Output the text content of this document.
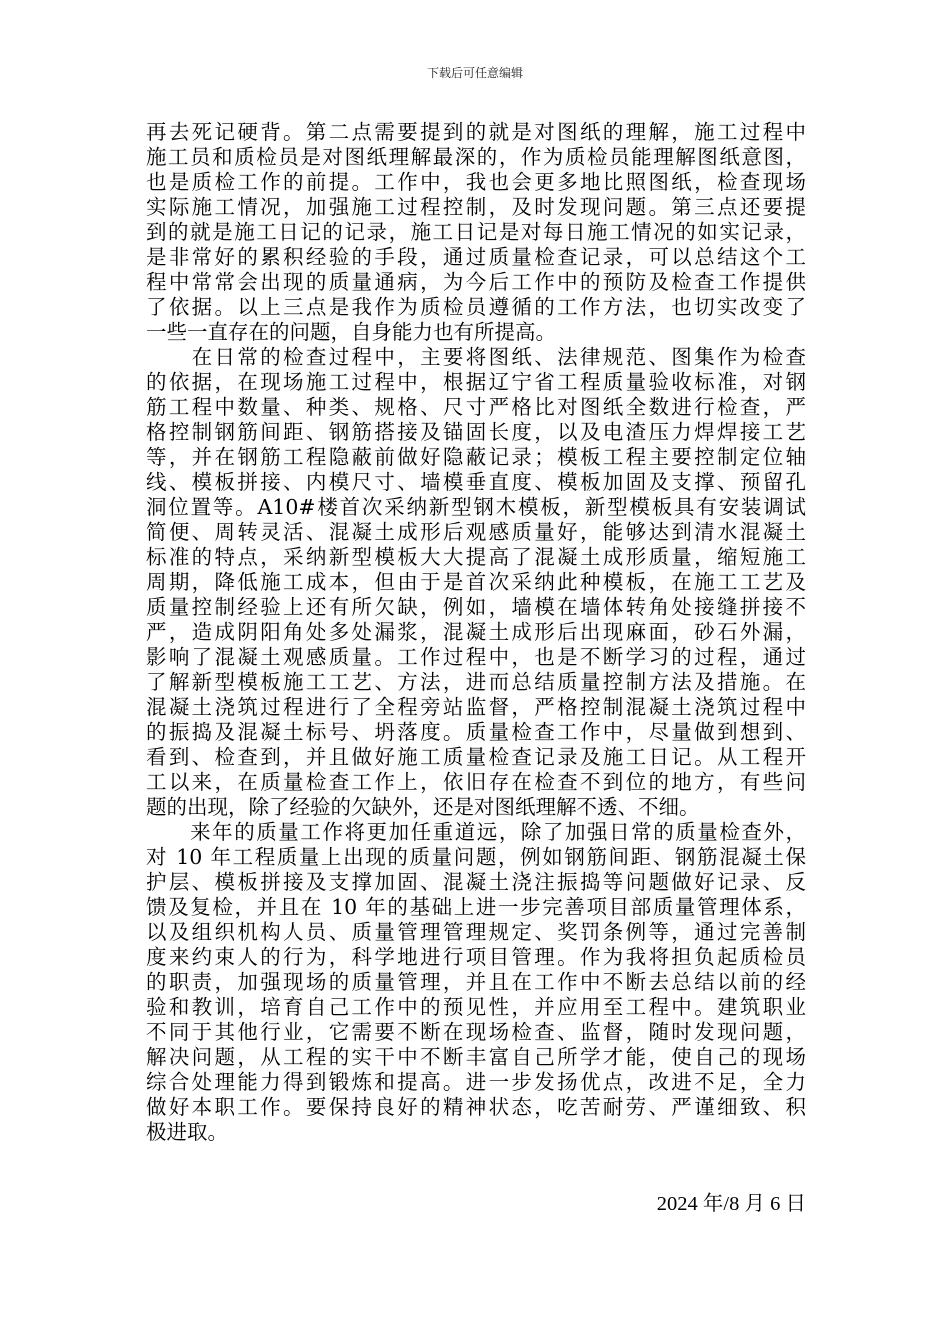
下载后可任意编辑
再去死记硬背。第二点需要提到的就是对图纸的理解，施工过程中
施工员和质检员是对图纸理解最深的，作为质检员能理解图纸意图，
也是质检工作的前提。工作中，我也会更多地比照图纸，检查现场
实际施工情况，加强施工过程控制，及时发现问题。第三点还要提
到的就是施工日记的记录，施工日记是对每日施工情况的如实记录，
是非常好的累积经验的手段，通过质量检查记录，可以总结这个工
程中常常会出现的质量通病，为今后工作中的预防及检查工作提供
了依据。以上三点是我作为质检员遵循的工作方法，也切实改变了
一些一直存在的问题，自身能力也有所提高。
　　在日常的检查过程中，主要将图纸、法律规范、图集作为检查
的依据，在现场施工过程中，根据辽宁省工程质量验收标准，对钢
筋工程中数量、种类、规格、尺寸严格比对图纸全数进行检查，严
格控制钢筋间距、钢筋搭接及锚固长度，以及电渣压力焊焊接工艺
等，并在钢筋工程隐蔽前做好隐蔽记录；模板工程主要控制定位轴
线、模板拼接、内模尺寸、墙模垂直度、模板加固及支撑、预留孔
洞位置等。A10#楼首次采纳新型钢木模板，新型模板具有安装调试
简便、周转灵活、混凝土成形后观感质量好，能够达到清水混凝土
标准的特点，采纳新型模板大大提高了混凝土成形质量，缩短施工
周期，降低施工成本，但由于是首次采纳此种模板，在施工工艺及
质量控制经验上还有所欠缺，例如，墙模在墙体转角处接缝拼接不
严，造成阴阳角处多处漏浆，混凝土成形后出现麻面，砂石外漏，
影响了混凝土观感质量。工作过程中，也是不断学习的过程，通过
了解新型模板施工工艺、方法，进而总结质量控制方法及措施。在
混凝土浇筑过程进行了全程旁站监督，严格控制混凝土浇筑过程中
的振捣及混凝土标号、坍落度。质量检查工作中，尽量做到想到、
看到、检查到，并且做好施工质量检查记录及施工日记。从工程开
工以来，在质量检查工作上，依旧存在检查不到位的地方，有些问
题的出现，除了经验的欠缺外，还是对图纸理解不透、不细。
　　来年的质量工作将更加任重道远，除了加强日常的质量检查外，
对 10 年工程质量上出现的质量问题，例如钢筋间距、钢筋混凝土保
护层、模板拼接及支撑加固、混凝土浇注振捣等问题做好记录、反
馈及复检，并且在 10 年的基础上进一步完善项目部质量管理体系，
以及组织机构人员、质量管理管理规定、奖罚条例等，通过完善制
度来约束人的行为，科学地进行项目管理。作为我将担负起质检员
的职责，加强现场的质量管理，并且在工作中不断去总结以前的经
验和教训，培育自己工作中的预见性，并应用至工程中。建筑职业
不同于其他行业，它需要不断在现场检查、监督，随时发现问题，
解决问题，从工程的实干中不断丰富自己所学才能，使自己的现场
综合处理能力得到锻炼和提高。进一步发扬优点，改进不足，全力
做好本职工作。要保持良好的精神状态，吃苦耐劳、严谨细致、积
极进取。
2024 年/8 月 6 日
